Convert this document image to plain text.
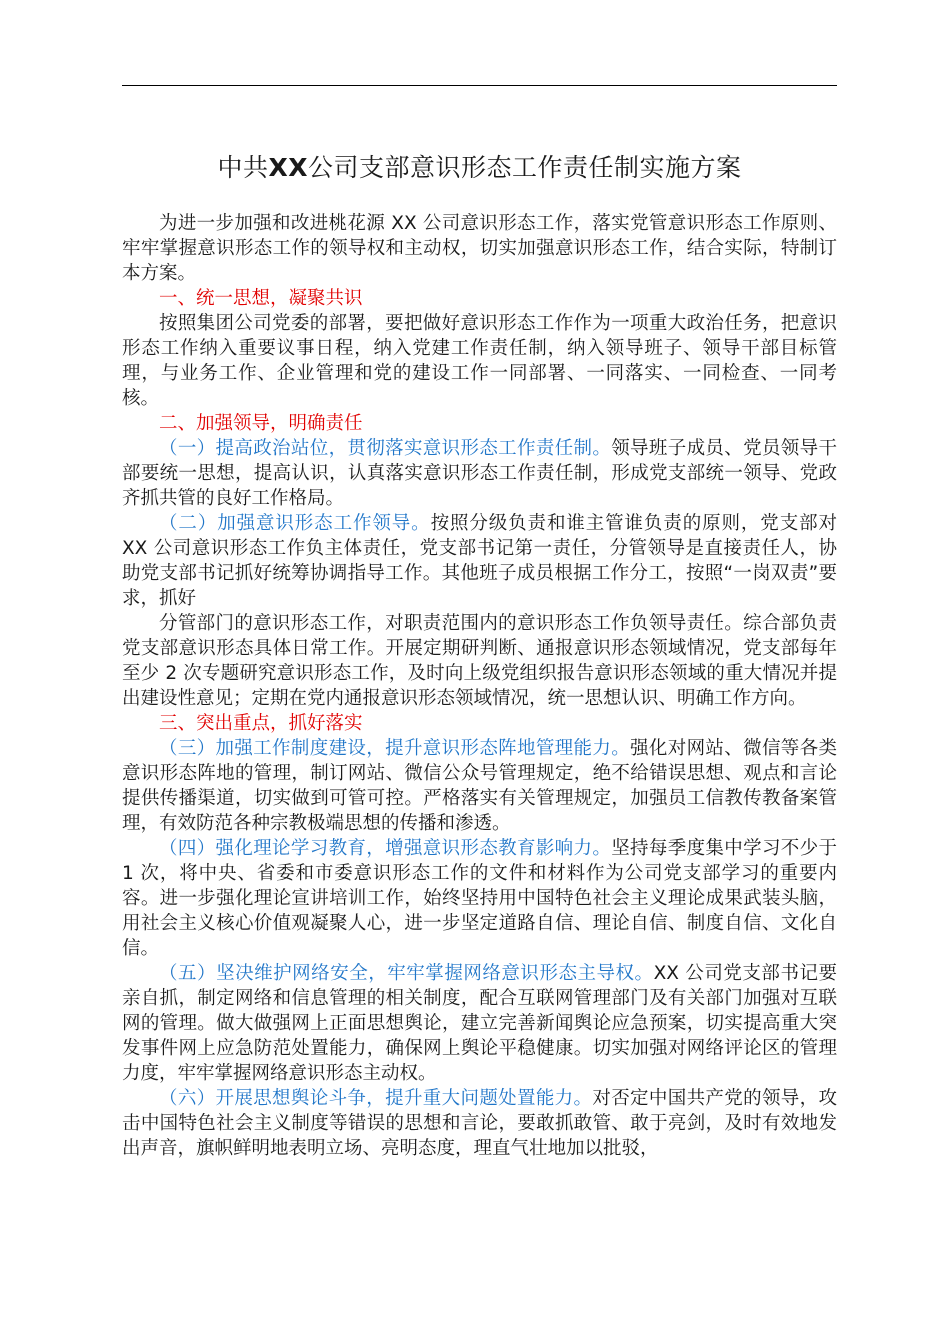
中共XX公司支部意识形态工作责任制实施方案

为进一步加强和改进桃花源 XX 公司意识形态工作，落实党管意识形态工作原则、牢牢掌握意识形态工作的领导权和主动权，切实加强意识形态工作，结合实际，特制订本方案。

一、统一思想，凝聚共识

按照集团公司党委的部署，要把做好意识形态工作作为一项重大政治任务，把意识形态工作纳入重要议事日程，纳入党建工作责任制，纳入领导班子、领导干部目标管理，与业务工作、企业管理和党的建设工作一同部署、一同落实、一同检查、一同考核。

二、加强领导，明确责任

（一）提高政治站位，贯彻落实意识形态工作责任制。领导班子成员、党员领导干部要统一思想，提高认识，认真落实意识形态工作责任制，形成党支部统一领导、党政齐抓共管的良好工作格局。

（二）加强意识形态工作领导。按照分级负责和谁主管谁负责的原则，党支部对 XX 公司意识形态工作负主体责任，党支部书记第一责任，分管领导是直接责任人，协助党支部书记抓好统筹协调指导工作。其他班子成员根据工作分工，按照“一岗双责”要求，抓好

分管部门的意识形态工作，对职责范围内的意识形态工作负领导责任。综合部负责党支部意识形态具体日常工作。开展定期研判断、通报意识形态领域情况，党支部每年至少 2 次专题研究意识形态工作，及时向上级党组织报告意识形态领域的重大情况并提出建设性意见；定期在党内通报意识形态领域情况，统一思想认识、明确工作方向。

三、突出重点，抓好落实

（三）加强工作制度建设，提升意识形态阵地管理能力。强化对网站、微信等各类意识形态阵地的管理，制订网站、微信公众号管理规定，绝不给错误思想、观点和言论提供传播渠道，切实做到可管可控。严格落实有关管理规定，加强员工信教传教备案管理，有效防范各种宗教极端思想的传播和渗透。

（四）强化理论学习教育，增强意识形态教育影响力。坚持每季度集中学习不少于 1 次，将中央、省委和市委意识形态工作的文件和材料作为公司党支部学习的重要内容。进一步强化理论宣讲培训工作，始终坚持用中国特色社会主义理论成果武装头脑，用社会主义核心价值观凝聚人心，进一步坚定道路自信、理论自信、制度自信、文化自信。

（五）坚决维护网络安全，牢牢掌握网络意识形态主导权。XX 公司党支部书记要亲自抓，制定网络和信息管理的相关制度，配合互联网管理部门及有关部门加强对互联网的管理。做大做强网上正面思想舆论，建立完善新闻舆论应急预案，切实提高重大突发事件网上应急防范处置能力，确保网上舆论平稳健康。切实加强对网络评论区的管理力度，牢牢掌握网络意识形态主动权。

（六）开展思想舆论斗争，提升重大问题处置能力。对否定中国共产党的领导，攻击中国特色社会主义制度等错误的思想和言论，要敢抓敢管、敢于亮剑，及时有效地发出声音，旗帜鲜明地表明立场、亮明态度，理直气壮地加以批驳，
